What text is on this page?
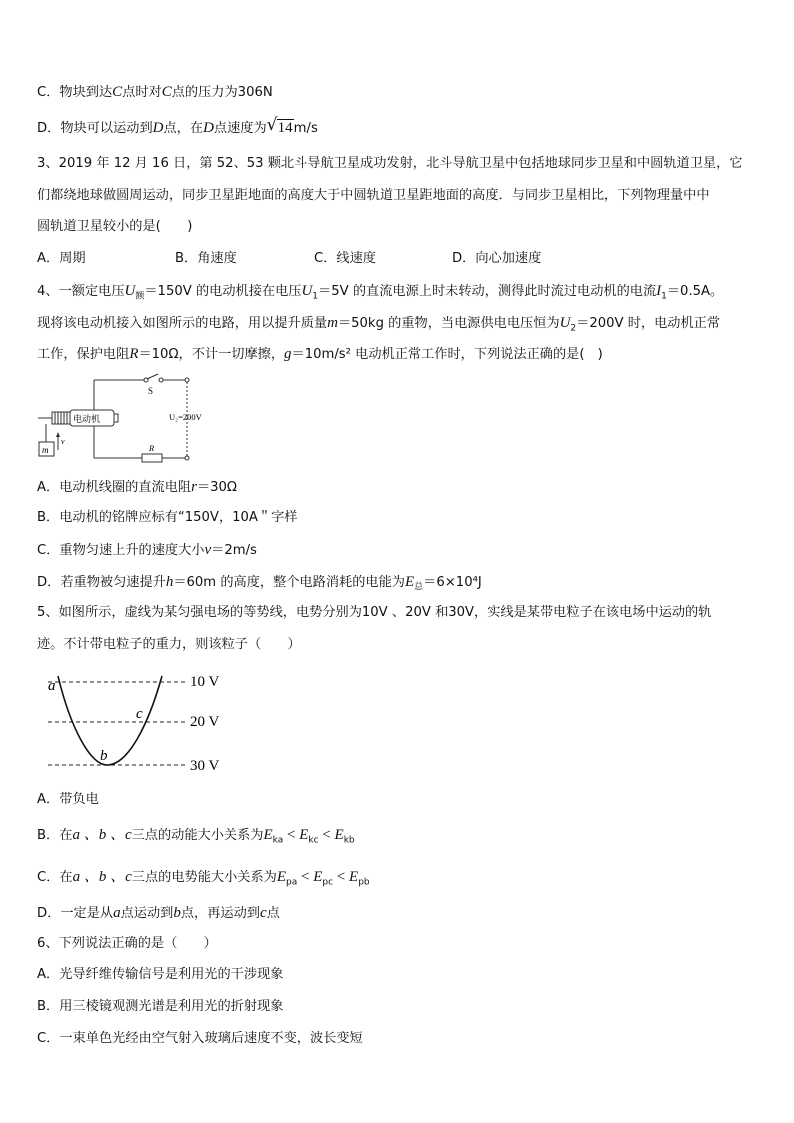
C．物块到达C点时对C点的压力为306N
D．物块可以运动到D点，在D点速度为 √ 14m/s
3、2019 年 12 月 16 日，第 52、53 颗北斗导航卫星成功发射，北斗导航卫星中包括地球同步卫星和中圆轨道卫星，它
们都绕地球做圆周运动，同步卫星距地面的高度大于中圆轨道卫星距地面的高度．与同步卫星相比，下列物理量中中
圆轨道卫星较小的是(　　)
A．周期	B．角速度	C．线速度	D．向心加速度
4、一额定电压$U_额=150V$ 的电动机接在电压$U_1=5V$ 的直流电源上时未转动，测得此时流过电动机的电流$I_1=0.5A$。
现将该电动机接入如图所示的电路，用以提升质量m＝50kg 的重物，当电源供电电压恒为$U_2=200V$ 时，电动机正常
工作，保护电阻R＝10Ω，不计一切摩擦，g＝10m/s² 电动机正常工作时，下列说法正确的是(　)
S
U₂=200V
R
电动机
m
v
A．电动机线圈的直流电阻r＝30Ω
B．电动机的铭牌应标有“150V，10A＂字样
C．重物匀速上升的速度大小v＝2m/s
D．若重物被匀速提升h＝60m 的高度，整个电路消耗的电能为$E_总=6\times 10^4J$
5、如图所示，虚线为某匀强电场的等势线，电势分别为10V 、20V 和30V，实线是某带电粒子在该电场中运动的轨
迹。不计带电粒子的重力，则该粒子（　　）
10 V
20 V
30 V
a
c
b
A．带负电
B．在a 、b 、c三点的动能大小关系为$E_{ka} < E_{kc} < E_{kb}$
C．在a 、b 、c三点的电势能大小关系为$E_{pa} < E_{pc} < E_{pb}$
D．一定是从a点运动到b点，再运动到c点
6、下列说法正确的是（　　）
A．光导纤维传输信号是利用光的干涉现象
B．用三棱镜观测光谱是利用光的折射现象
C．一束单色光经由空气射入玻璃后速度不变，波长变短
